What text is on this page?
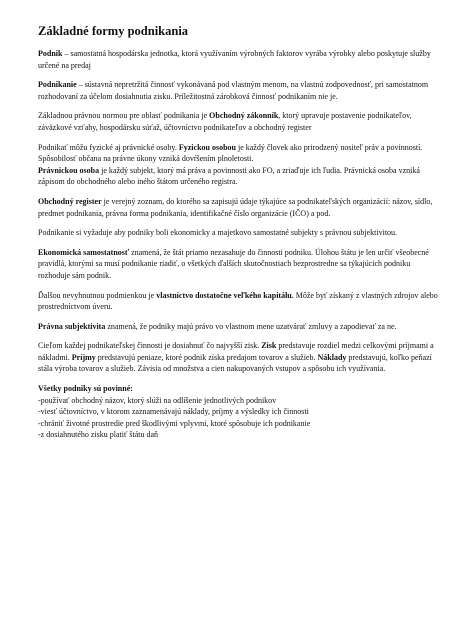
Základné formy podnikania

Podnik – samostatná hospodárska jednotka, ktorá využívaním výrobných faktorov vyrába výrobky alebo poskytuje služby určené na predaj

Podnikanie – sústavná nepretržitá činnosť vykonávaná pod vlastným menom, na vlastnú zodpovednosť, pri samostatnom rozhodovaní za účelom dosiahnutia zisku. Príležitostná zárobková činnosť podnikaním nie je.

Základnou právnou normou pre oblasť podnikania je Obchodný zákonník, ktorý upravuje postavenie podnikateľov, záväzkové vzťahy, hospodársku súťaž, účtovníctvo podnikateľov a obchodný register

Podnikať môžu fyzické aj právnické osoby. Fyzickou osobou je každý človek ako prirodzený nositeľ práv a povinností. Spôsobilosť občana na právne úkony vzniká dovŕšením plnoletosti.

Právnickou osoba je každý subjekt, ktorý má práva a povinnosti ako FO, a zriaďuje ich ľudia. Právnická osoba vzniká zápisom do obchodného alebo iného štátom určeného registra.

Obchodný register je verejný zoznam, do ktorého sa zapisujú údaje týkajúce sa podnikateľských organizácií: názov, sídlo, predmet podnikania, právna forma podnikania, identifikačné číslo organizácie (IČO) a pod.

Podnikanie si vyžaduje aby podniky boli ekonomicky a majetkovo samostatné subjekty s právnou subjektivitou.

Ekonomická samostatnosť znamená, že štát priamo nezasahuje do činnosti podniku. Úlohou štátu je len určiť všeobecné pravidlá, ktorými sa musí podnikanie riadiť, o všetkých ďalších skutočnostiach bezprostredne sa týkajúcich podniku rozhoduje sám podnik.

Ďalšou nevyhnutnou podmienkou je vlastníctvo dostatočne veľkého kapitálu. Môže byť získaný z vlastných zdrojov alebo prostredníctvom úveru.

Právna subjektivita znamená, že podniky majú právo vo vlastnom mene uzatvárať zmluvy a zapodievať za ne.

Cieľom každej podnikateľskej činnosti je dosiahnuť čo najvyšší zisk. Zisk predstavuje rozdiel medzi celkovými príjmami a nákladmi. Príjmy predstavujú peniaze, ktoré podnik získa predajom tovarov a služieb. Náklady predstavujú, koľko peňazí stála výroba tovarov a služieb. Závisia od množstva a cien nakupovaných vstupov a spôsobu ich využívania.

Všetky podniky sú povinné:
-používať obchodný názov, ktorý slúži na odlíšenie jednotlivých podnikov
-viesť účtovníctvo, v ktorom zaznamenávajú náklady, príjmy a výsledky ich činnosti
-chrániť životné prostredie pred škodlivými vplyvmi, ktoré spôsobuje ich podnikanie
-z dosiahnutého zisku platiť štátu daň
